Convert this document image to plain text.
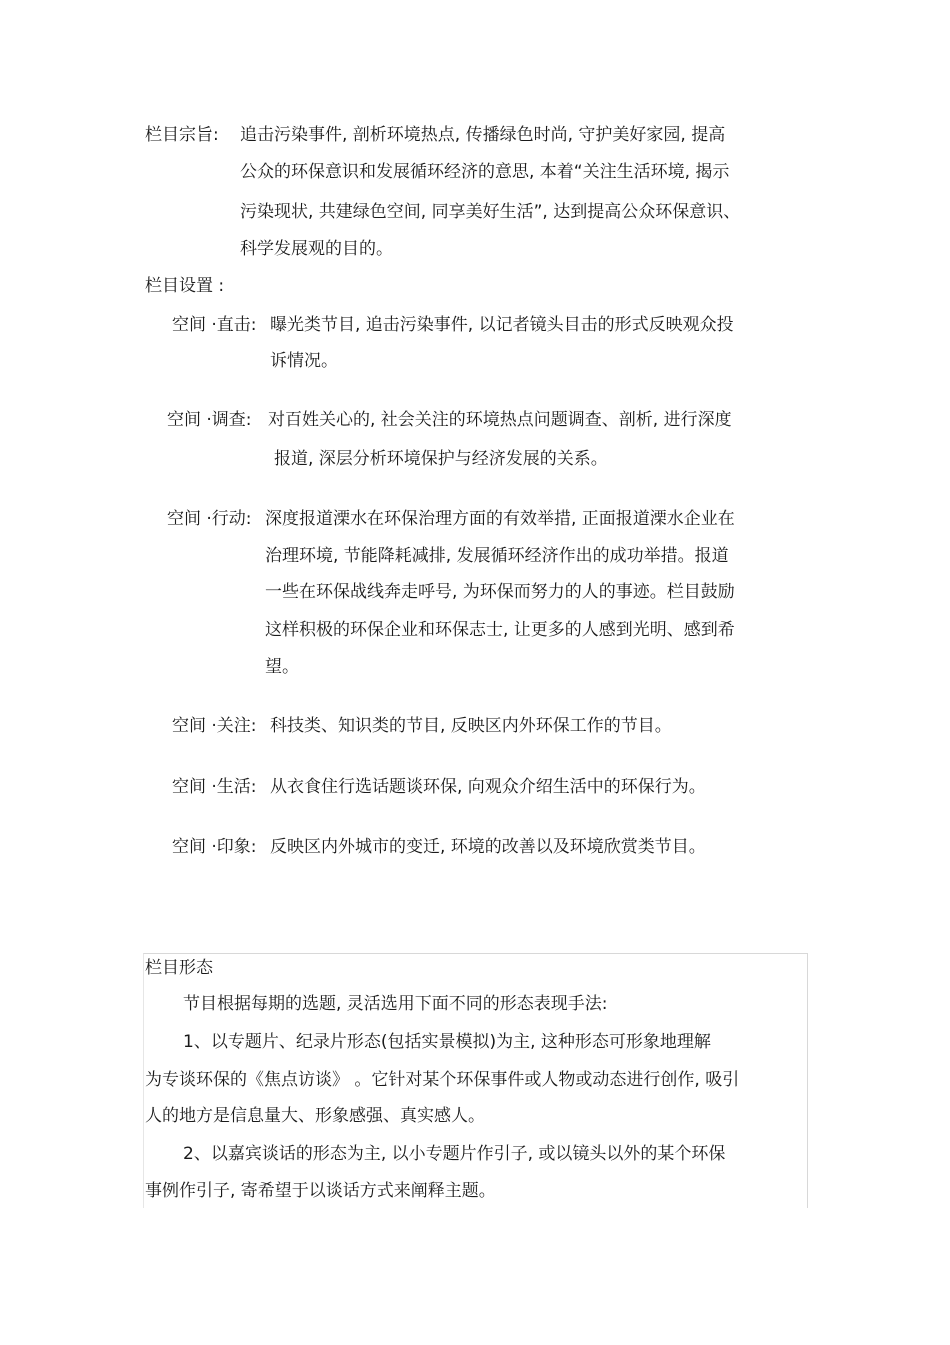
栏目宗旨: 追击污染事件, 剖析环境热点, 传播绿色时尚, 守护美好家园, 提高
公众的环保意识和发展循环经济的意思, 本着“关注生活环境, 揭示
污染现状, 共建绿色空间, 同享美好生活”, 达到提高公众环保意识、
科学发展观的目的。
栏目设置 :
空间 ·直击: 曝光类节目, 追击污染事件, 以记者镜头目击的形式反映观众投
诉情况。
空间 ·调查: 对百姓关心的, 社会关注的环境热点问题调查、剖析, 进行深度
报道, 深层分析环境保护与经济发展的关系。
空间 ·行动: 深度报道溧水在环保治理方面的有效举措, 正面报道溧水企业在
治理环境, 节能降耗减排, 发展循环经济作出的成功举措。报道
一些在环保战线奔走呼号, 为环保而努力的人的事迹。栏目鼓励
这样积极的环保企业和环保志士, 让更多的人感到光明、感到希
望。
空间 ·关注: 科技类、知识类的节目, 反映区内外环保工作的节目。
空间 ·生活: 从衣食住行选话题谈环保, 向观众介绍生活中的环保行为。
空间 ·印象: 反映区内外城市的变迁, 环境的改善以及环境欣赏类节目。
栏目形态
节目根据每期的选题, 灵活选用下面不同的形态表现手法:
1、以专题片、纪录片形态(包括实景模拟)为主, 这种形态可形象地理解
为专谈环保的《焦点访谈》 。它针对某个环保事件或人物或动态进行创作, 吸引
人的地方是信息量大、形象感强、真实感人。
2、以嘉宾谈话的形态为主, 以小专题片作引子, 或以镜头以外的某个环保
事例作引子, 寄希望于以谈话方式来阐释主题。
